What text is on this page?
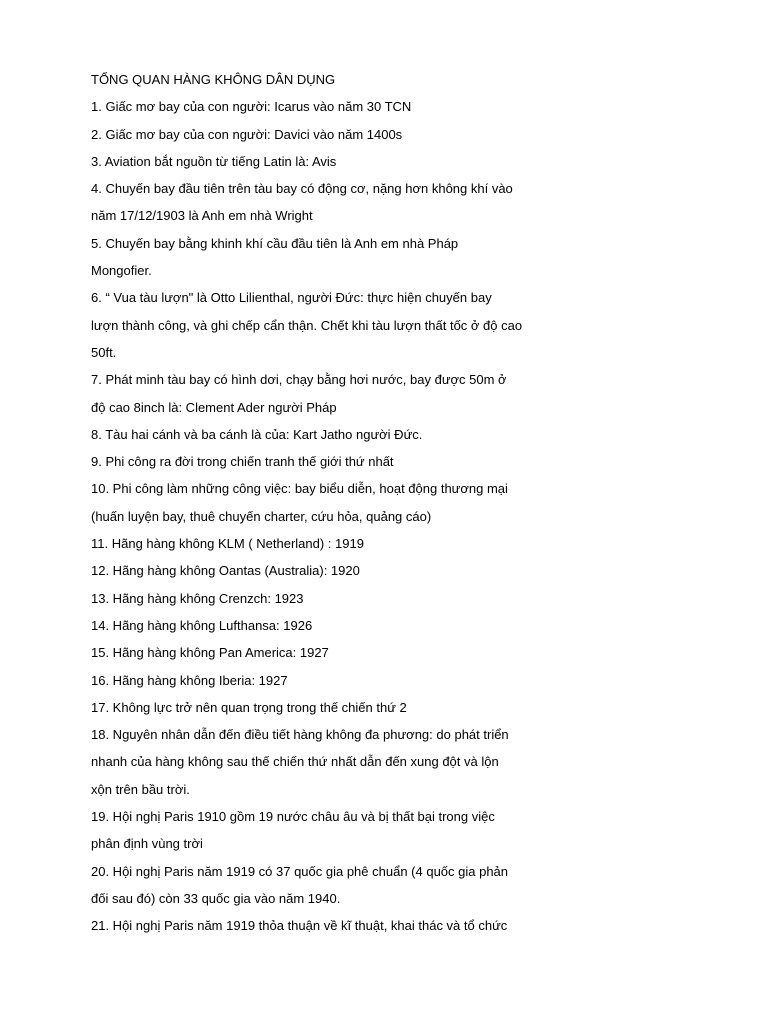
TỔNG QUAN HÀNG KHÔNG DÂN DỤNG
1. Giấc mơ bay của con người: Icarus vào năm 30 TCN
2. Giấc mơ bay của con người: Davici vào năm 1400s
3. Aviation bắt nguồn từ tiếng Latin là: Avis
4. Chuyến bay đầu tiên trên tàu bay có động cơ, nặng hơn không khí vào
năm 17/12/1903 là Anh em nhà Wright
5. Chuyến bay bằng khinh khí cầu đầu tiên là Anh em nhà Pháp
Mongofier.
6. “ Vua tàu lượn" là Otto Lilienthal, người Đức: thực hiện chuyến bay
lượn thành công, và ghi chếp cẩn thận. Chết khi tàu lượn thất tốc ở độ cao
50ft.
7. Phát minh tàu bay có hình dơi, chạy bằng hơi nước, bay được 50m ở
độ cao 8inch là: Clement Ader người Pháp
8. Tàu hai cánh và ba cánh là của: Kart Jatho người Đức.
9. Phi công ra đời trong chiến tranh thế giới thứ nhất
10. Phi công làm những công việc: bay biểu diễn, hoạt động thương mại
(huấn luyện bay, thuê chuyến charter, cứu hỏa, quảng cáo)
11. Hãng hàng không KLM ( Netherland) : 1919
12. Hãng hàng không Oantas (Australia): 1920
13. Hãng hàng không Crenzch: 1923
14. Hãng hàng không Lufthansa: 1926
15. Hãng hàng không Pan America: 1927
16. Hãng hàng không Iberia: 1927
17. Không lực trở nên quan trọng trong thế chiến thứ 2
18. Nguyên nhân dẫn đến điều tiết hàng không đa phương: do phát triển
nhanh của hàng không sau thế chiến thứ nhất dẫn đến xung đột và lộn
xộn trên bầu trời.
19. Hội nghị Paris 1910 gồm 19 nước châu âu và bị thất bại trong việc
phân định vùng trời
20. Hội nghị Paris năm 1919 có 37 quốc gia phê chuẩn (4 quốc gia phản
đối sau đó) còn 33 quốc gia vào năm 1940.
21. Hội nghị Paris năm 1919 thỏa thuận về kĩ thuật, khai thác và tổ chức
